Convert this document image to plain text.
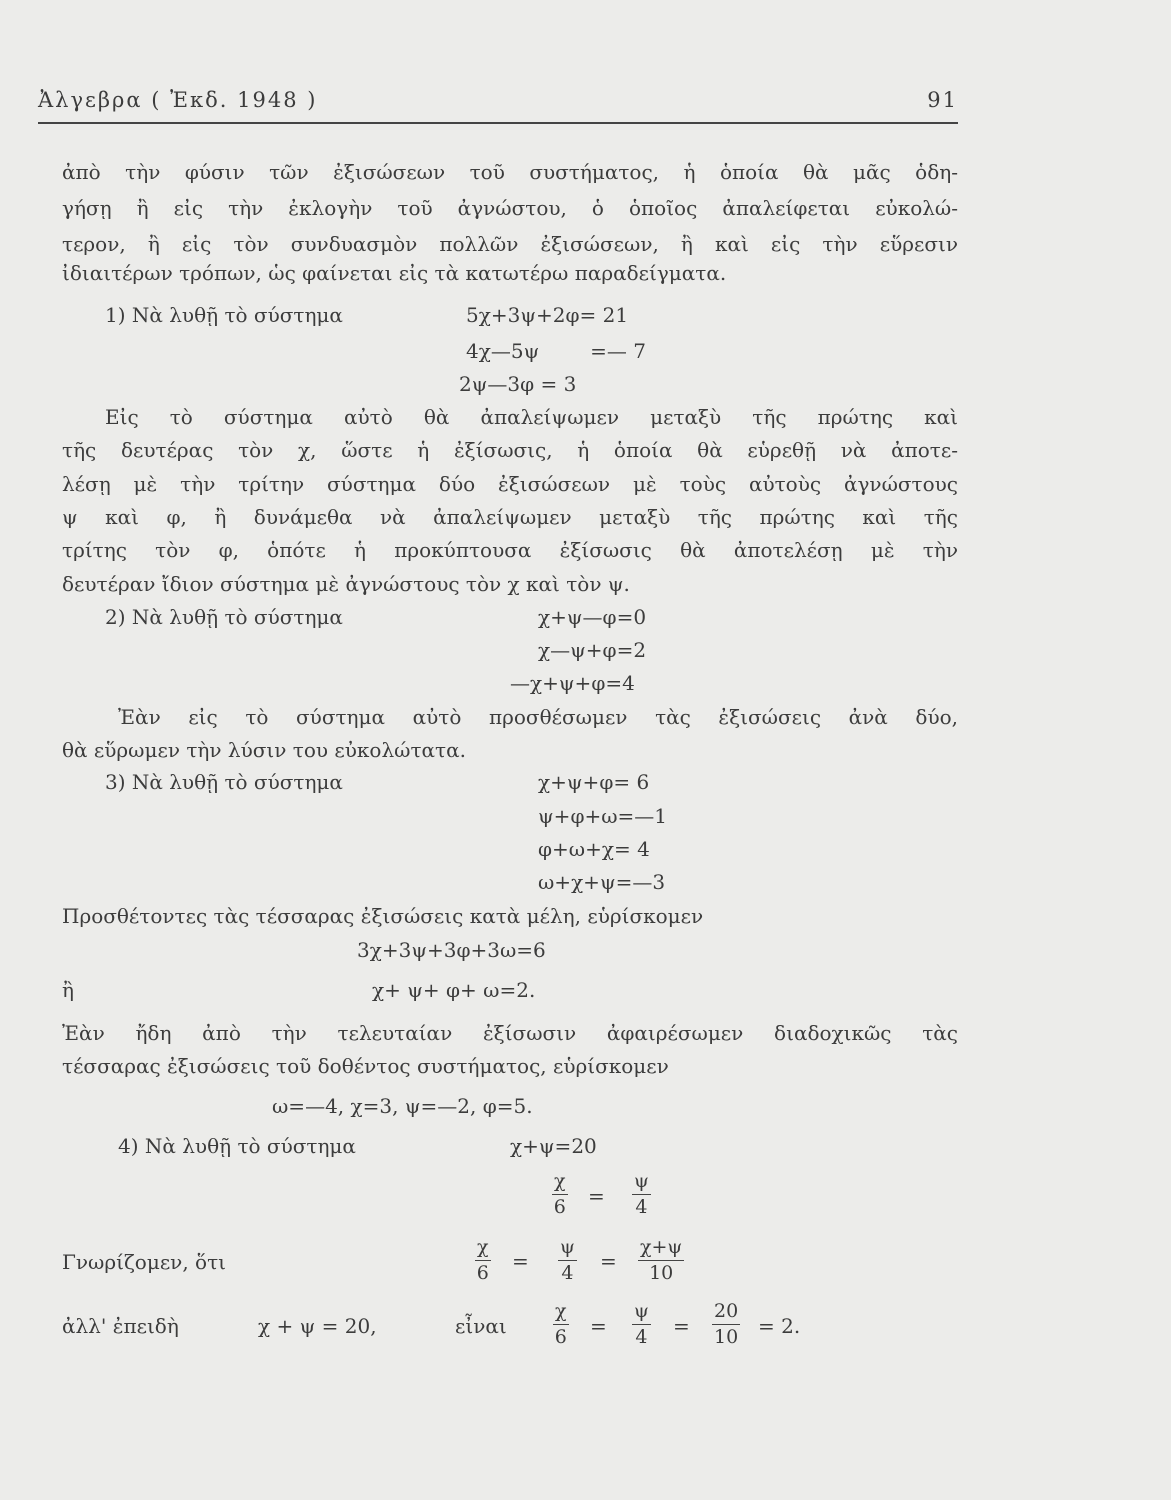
Ἀλγεβρα ( Ἐκδ. 1948 )	91
ἀπὸ τὴν φύσιν τῶν ἐξισώσεων τοῦ συστήματος, ἡ ὁποία θὰ μᾶς ὁδη-
γήσῃ ἢ εἰς τὴν ἐκλογὴν τοῦ ἀγνώστου, ὁ ὁποῖος ἀπαλείφεται εὐκολώ-
τερον, ἢ εἰς τὸν συνδυασμὸν πολλῶν ἐξισώσεων, ἢ καὶ εἰς τὴν εὕρεσιν
ἰδιαιτέρων τρόπων, ὡς φαίνεται εἰς τὰ κατωτέρω παραδείγματα.
1) Νὰ λυθῇ τὸ σύστημα	5χ+3ψ+2φ= 21
4χ—5ψ        =— 7
2ψ—3φ = 3
Εἰς τὸ σύστημα αὐτὸ θὰ ἀπαλείψωμεν μεταξὺ τῆς πρώτης καὶ
τῆς δευτέρας τὸν χ, ὥστε ἡ ἐξίσωσις, ἡ ὁποία θὰ εὑρεθῇ νὰ ἀποτε-
λέσῃ μὲ τὴν τρίτην σύστημα δύο ἐξισώσεων μὲ τοὺς αὐτοὺς ἀγνώστους
ψ καὶ φ, ἢ δυνάμεθα νὰ ἀπαλείψωμεν μεταξὺ τῆς πρώτης καὶ τῆς
τρίτης τὸν φ, ὁπότε ἡ προκύπτουσα ἐξίσωσις θὰ ἀποτελέσῃ μὲ τὴν
δευτέραν ἴδιον σύστημα μὲ ἀγνώστους τὸν χ καὶ τὸν ψ.
2) Νὰ λυθῇ τὸ σύστημα	χ+ψ—φ=0
χ—ψ+φ=2
—χ+ψ+φ=4
Ἐὰν εἰς τὸ σύστημα αὐτὸ προσθέσωμεν τὰς ἐξισώσεις ἀνὰ δύο,
θὰ εὕρωμεν τὴν λύσιν του εὐκολώτατα.
3) Νὰ λυθῇ τὸ σύστημα	χ+ψ+φ= 6
ψ+φ+ω=—1
φ+ω+χ= 4
ω+χ+ψ=—3
Προσθέτοντες τὰς τέσσαρας ἐξισώσεις κατὰ μέλη, εὑρίσκομεν
3χ+3ψ+3φ+3ω=6
ἢ	χ+ ψ+ φ+ ω=2.
Ἐὰν ἤδη ἀπὸ τὴν τελευταίαν ἐξίσωσιν ἀφαιρέσωμεν διαδοχικῶς τὰς
τέσσαρας ἐξισώσεις τοῦ δοθέντος συστήματος, εὑρίσκομεν
ω=—4, χ=3, ψ=—2, φ=5.
4) Νὰ λυθῇ τὸ σύστημα	χ+ψ=20
$\frac{\chi}{6} = \frac{\psi}{4}$
Γνωρίζομεν, ὅτι	$\frac{\chi}{6} = \frac{\psi}{4} = \frac{\chi+\psi}{10}$
ἀλλ' ἐπειδὴ	χ + ψ = 20,	εἶναι $\frac{\chi}{6} = \frac{\psi}{4} = \frac{20}{10} = 2$.
